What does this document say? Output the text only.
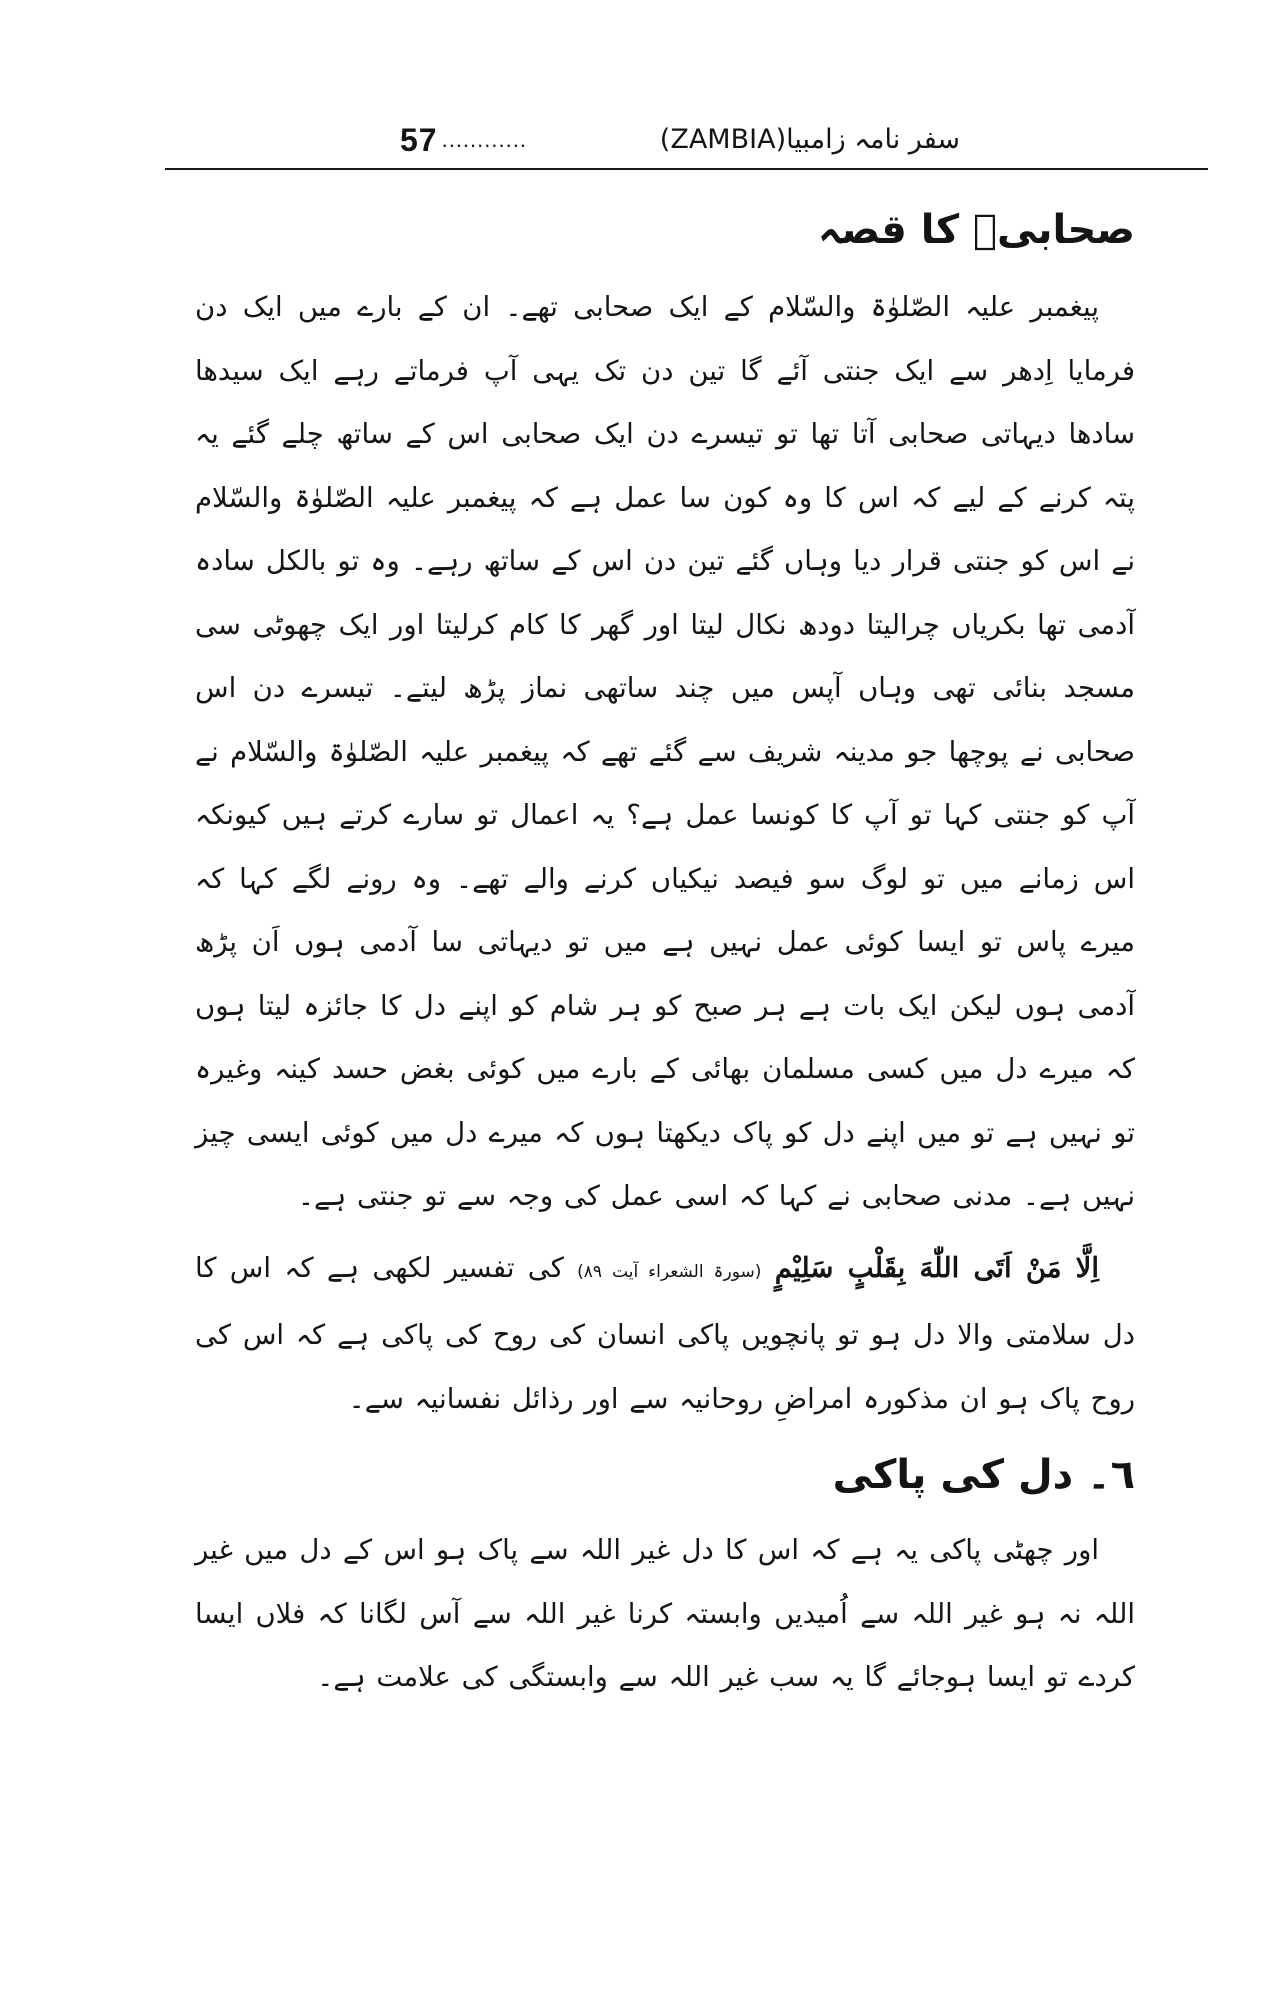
57 ............	سفر نامہ زامبیا(ZAMBIA)
صحابیؓ کا قصہ

پیغمبر علیہ الصّلوٰۃ والسّلام کے ایک صحابی تھے۔ ان کے بارے میں ایک دن فرمایا اِدھر سے ایک جنتی آئے گا تین دن تک یہی آپ فرماتے رہے ایک سیدھا سادھا دیہاتی صحابی آتا تھا تو تیسرے دن ایک صحابی اس کے ساتھ چلے گئے یہ پتہ کرنے کے لیے کہ اس کا وہ کون سا عمل ہے کہ پیغمبر علیہ الصّلوٰۃ والسّلام نے اس کو جنتی قرار دیا وہاں گئے تین دن اس کے ساتھ رہے۔ وہ تو بالکل سادہ آدمی تھا بکریاں چرالیتا دودھ نکال لیتا اور گھر کا کام کرلیتا اور ایک چھوٹی سی مسجد بنائی تھی وہاں آپس میں چند ساتھی نماز پڑھ لیتے۔ تیسرے دن اس صحابی نے پوچھا جو مدینہ شریف سے گئے تھے کہ پیغمبر علیہ الصّلوٰۃ والسّلام نے آپ کو جنتی کہا تو آپ کا کونسا عمل ہے؟ یہ اعمال تو سارے کرتے ہیں کیونکہ اس زمانے میں تو لوگ سو فیصد نیکیاں کرنے والے تھے۔ وہ رونے لگے کہا کہ میرے پاس تو ایسا کوئی عمل نہیں ہے میں تو دیہاتی سا آدمی ہوں اَن پڑھ آدمی ہوں لیکن ایک بات ہے ہر صبح کو ہر شام کو اپنے دل کا جائزہ لیتا ہوں کہ میرے دل میں کسی مسلمان بھائی کے بارے میں کوئی بغض حسد کینہ وغیرہ تو نہیں ہے تو میں اپنے دل کو پاک دیکھتا ہوں کہ میرے دل میں کوئی ایسی چیز نہیں ہے۔ مدنی صحابی نے کہا کہ اسی عمل کی وجہ سے تو جنتی ہے۔

اِلَّا مَنْ اَتَى اللّٰهَ بِقَلْبٍ سَلِيْمٍ (سورۃ الشعراء آیت ۸۹) کی تفسیر لکھی ہے کہ اس کا دل سلامتی والا دل ہو تو پانچویں پاکی انسان کی روح کی پاکی ہے کہ اس کی روح پاک ہو ان مذکورہ امراضِ روحانیہ سے اور رذائل نفسانیہ سے۔

٦۔ دل کی پاکی

اور چھٹی پاکی یہ ہے کہ اس کا دل غیر اللہ سے پاک ہو اس کے دل میں غیر اللہ نہ ہو غیر اللہ سے اُمیدیں وابستہ کرنا غیر اللہ سے آس لگانا کہ فلاں ایسا کردے تو ایسا ہوجائے گا یہ سب غیر اللہ سے وابستگی کی علامت ہے۔
